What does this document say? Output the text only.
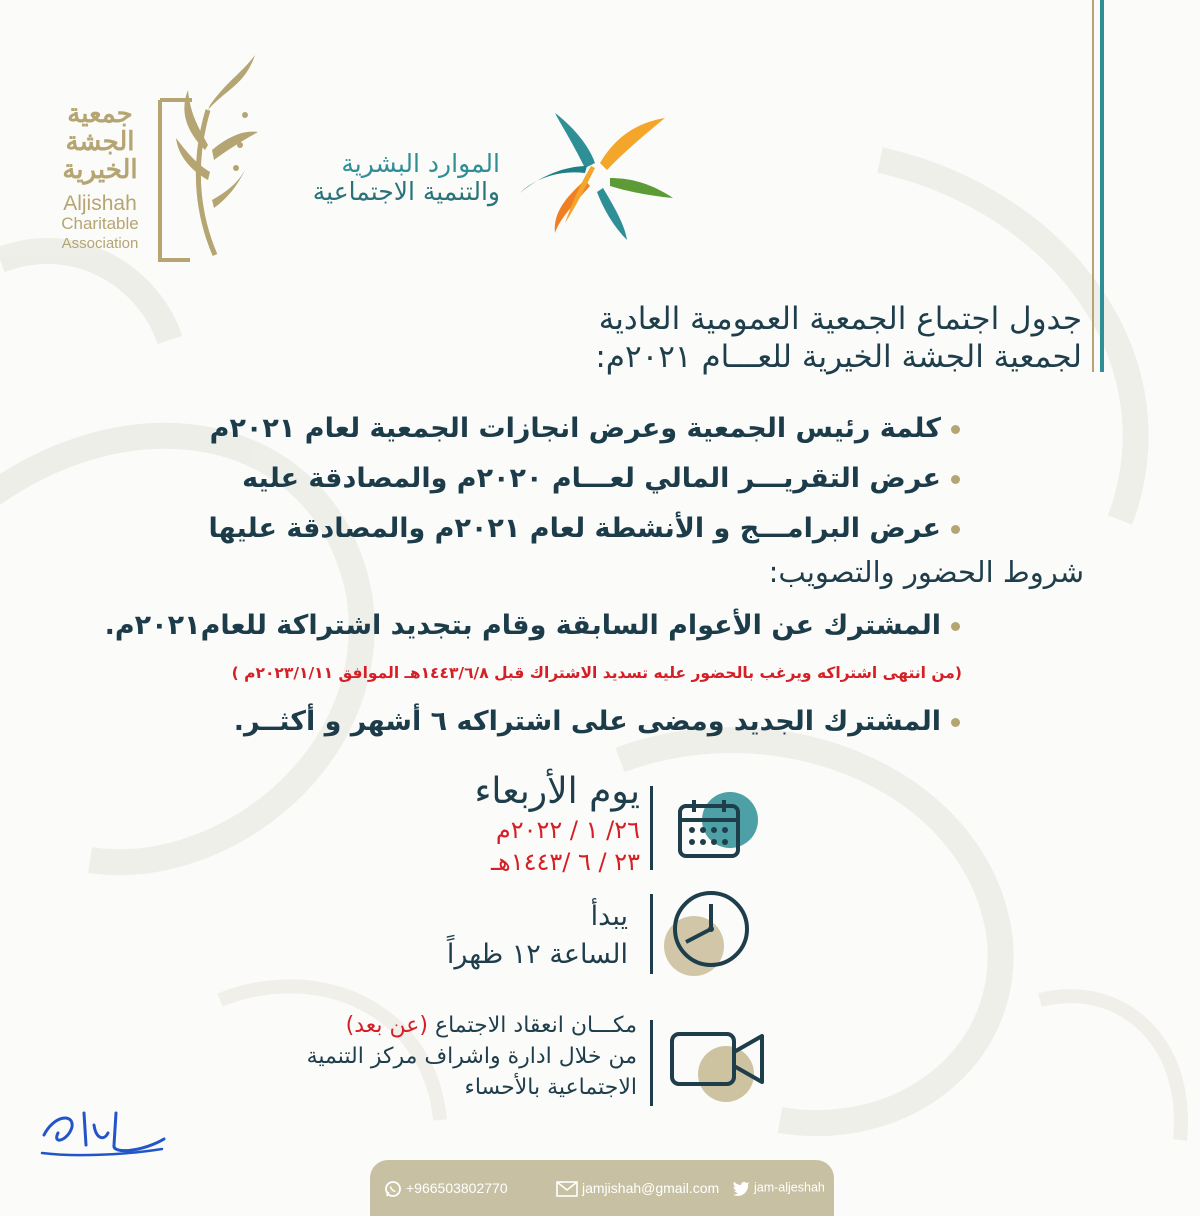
جمعية
الجشة
الخيرية
Aljishah
Charitable
Association
الموارد البشرية
والتنمية الاجتماعية
جدول اجتماع الجمعية العمومية العادية
لجمعية الجشة الخيرية للعـــام ٢٠٢١م:
كلمة رئيس الجمعية وعرض انجازات الجمعية لعام ٢٠٢١م
عرض التقريـــر المالي لعـــام ٢٠٢٠م والمصادقة عليه
عرض البرامـــج و الأنشطة لعام ٢٠٢١م والمصادقة عليها
شروط الحضور والتصويب:
المشترك عن الأعوام السابقة وقام بتجديد اشتراكة للعام٢٠٢١م.
(من انتهى اشتراكه ويرغب بالحضور عليه تسديد الاشتراك قبل ١٤٤٣/٦/٨هـ الموافق ٢٠٢٣/١/١١م )
المشترك الجديد ومضى على اشتراكه ٦ أشهر و أكثــر.
يوم الأربعاء
٢٦/ ١ / ٢٠٢٢م
٢٣ / ٦ /١٤٤٣هـ
يبدأ
الساعة ١٢ ظهراً
مكـــان انعقاد الاجتماع (عن بعد)
من خلال ادارة واشراف مركز التنمية
الاجتماعية بالأحساء
+966503802770	jamjishah@gmail.com	jam-aljeshah
